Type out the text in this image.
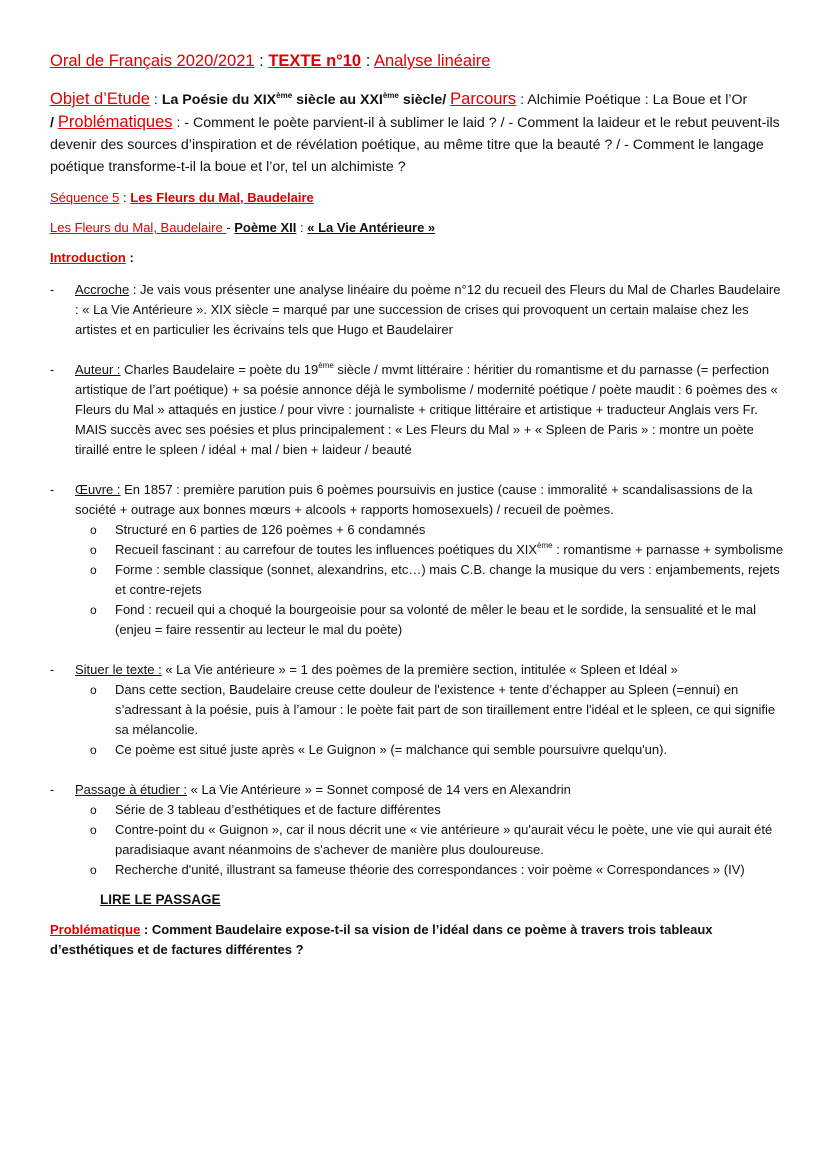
Oral de Français 2020/2021 : TEXTE n°10 : Analyse linéaire
Objet d’Etude : La Poésie du XIXème siècle au XXIème siècle/ Parcours : Alchimie Poétique : La Boue et l’Or
/ Problématiques : - Comment le poète parvient-il à sublimer le laid ? / - Comment la laideur et le rebut peuvent-ils devenir des sources d’inspiration et de révélation poétique, au même titre que la beauté ? / - Comment le langage poétique transforme-t-il la boue et l’or, tel un alchimiste ?

Séquence 5 : Les Fleurs du Mal, Baudelaire

Les Fleurs du Mal, Baudelaire - Poème XII : « La Vie Antérieure »

Introduction :

- Accroche : Je vais vous présenter une analyse linéaire du poème n°12 du recueil des Fleurs du Mal de Charles Baudelaire : « La Vie Antérieure ». XIX siècle = marqué par une succession de crises qui provoquent un certain malaise chez les artistes et en particulier les écrivains tels que Hugo et Baudelairer
- Auteur : Charles Baudelaire = poète du 19ème siècle / mvmt littéraire : héritier du romantisme et du parnasse (= perfection artistique de l’art poétique) + sa poésie annonce déjà le symbolisme / modernité poétique / poète maudit : 6 poèmes des « Fleurs du Mal » attaqués en justice / pour vivre : journaliste + critique littéraire et artistique + traducteur Anglais vers Fr. MAIS succès avec ses poésies et plus principalement : « Les Fleurs du Mal » + « Spleen de Paris » : montre un poète tiraillé entre le spleen / idéal + mal / bien + laideur / beauté
- Œuvre : En 1857 : première parution puis 6 poèmes poursuivis en justice (cause : immoralité + scandalisassions de la société + outrage aux bonnes mœurs + alcools + rapports homosexuels) / recueil de poèmes.
o Structuré en 6 parties de 126 poèmes + 6 condamnés
o Recueil fascinant : au carrefour de toutes les influences poétiques du XIXème : romantisme + parnasse + symbolisme
o Forme : semble classique (sonnet, alexandrins, etc…) mais C.B. change la musique du vers : enjambements, rejets et contre-rejets
o Fond : recueil qui a choqué la bourgeoisie pour sa volonté de mêler le beau et le sordide, la sensualité et le mal (enjeu = faire ressentir au lecteur le mal du poète)
- Situer le texte : « La Vie antérieure » = 1 des poèmes de la première section, intitulée « Spleen et Idéal »
o Dans cette section, Baudelaire creuse cette douleur de l'existence + tente d’échapper au Spleen (=ennui) en s’adressant à la poésie, puis à l’amour : le poète fait part de son tiraillement entre l'idéal et le spleen, ce qui signifie sa mélancolie.
o Ce poème est situé juste après « Le Guignon » (= malchance qui semble poursuivre quelqu'un).
- Passage à étudier : « La Vie Antérieure » = Sonnet composé de 14 vers en Alexandrin
o Série de 3 tableau d’esthétiques et de facture différentes
o Contre-point du « Guignon », car il nous décrit une « vie antérieure » qu'aurait vécu le poète, une vie qui aurait été paradisiaque avant néanmoins de s'achever de manière plus douloureuse.
o Recherche d'unité, illustrant sa fameuse théorie des correspondances : voir poème « Correspondances » (IV)
LIRE LE PASSAGE
Problématique : Comment Baudelaire expose-t-il sa vision de l’idéal dans ce poème à travers trois tableaux d’esthétiques et de factures différentes ?
